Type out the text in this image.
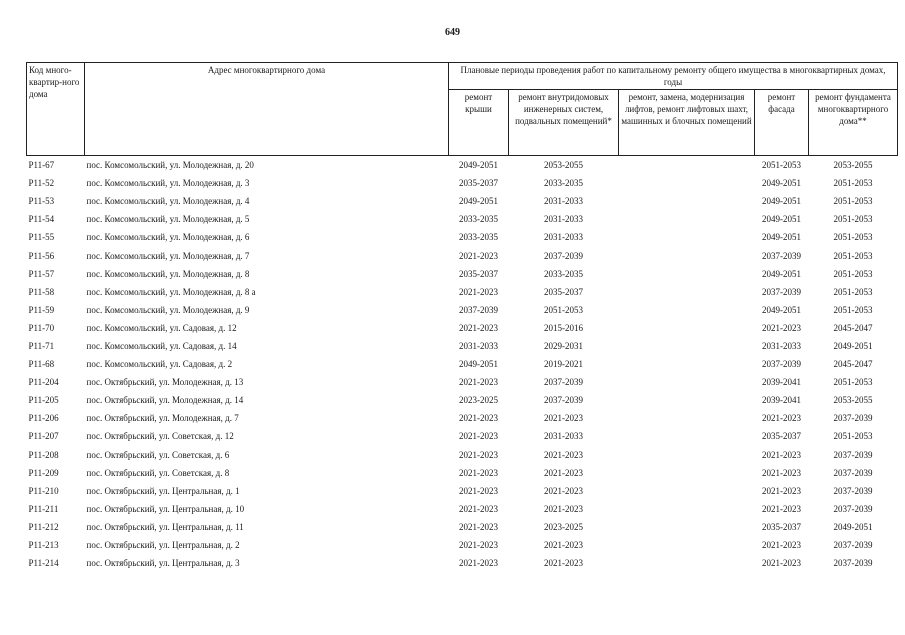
649
Код много-квартир-ного дома	Адрес многоквартирного дома	Плановые периоды проведения работ по капитальному ремонту общего имущества в многоквартирных домах, годы				
		ремонт крыши	ремонт внутридомовых инженерных систем, подвальных помещений*	ремонт, замена, модернизация лифтов, ремонт лифтовых шахт, машинных и блочных помещений	ремонт фасада	ремонт фундамента многоквартирного дома**
Р11-67	пос. Комсомольский, ул. Молодежная, д. 20	2049-2051	2053-2055		2051-2053	2053-2055
Р11-52	пос. Комсомольский, ул. Молодежная, д. 3	2035-2037	2033-2035		2049-2051	2051-2053
Р11-53	пос. Комсомольский, ул. Молодежная, д. 4	2049-2051	2031-2033		2049-2051	2051-2053
Р11-54	пос. Комсомольский, ул. Молодежная, д. 5	2033-2035	2031-2033		2049-2051	2051-2053
Р11-55	пос. Комсомольский, ул. Молодежная, д. 6	2033-2035	2031-2033		2049-2051	2051-2053
Р11-56	пос. Комсомольский, ул. Молодежная, д. 7	2021-2023	2037-2039		2037-2039	2051-2053
Р11-57	пос. Комсомольский, ул. Молодежная, д. 8	2035-2037	2033-2035		2049-2051	2051-2053
Р11-58	пос. Комсомольский, ул. Молодежная, д. 8 а	2021-2023	2035-2037		2037-2039	2051-2053
Р11-59	пос. Комсомольский, ул. Молодежная, д. 9	2037-2039	2051-2053		2049-2051	2051-2053
Р11-70	пос. Комсомольский, ул. Садовая, д. 12	2021-2023	2015-2016		2021-2023	2045-2047
Р11-71	пос. Комсомольский, ул. Садовая, д. 14	2031-2033	2029-2031		2031-2033	2049-2051
Р11-68	пос. Комсомольский, ул. Садовая, д. 2	2049-2051	2019-2021		2037-2039	2045-2047
Р11-204	пос. Октябрьский, ул. Молодежная, д. 13	2021-2023	2037-2039		2039-2041	2051-2053
Р11-205	пос. Октябрьский, ул. Молодежная, д. 14	2023-2025	2037-2039		2039-2041	2053-2055
Р11-206	пос. Октябрьский, ул. Молодежная, д. 7	2021-2023	2021-2023		2021-2023	2037-2039
Р11-207	пос. Октябрьский, ул. Советская, д. 12	2021-2023	2031-2033		2035-2037	2051-2053
Р11-208	пос. Октябрьский, ул. Советская, д. 6	2021-2023	2021-2023		2021-2023	2037-2039
Р11-209	пос. Октябрьский, ул. Советская, д. 8	2021-2023	2021-2023		2021-2023	2037-2039
Р11-210	пос. Октябрьский, ул. Центральная, д. 1	2021-2023	2021-2023		2021-2023	2037-2039
Р11-211	пос. Октябрьский, ул. Центральная, д. 10	2021-2023	2021-2023		2021-2023	2037-2039
Р11-212	пос. Октябрьский, ул. Центральная, д. 11	2021-2023	2023-2025		2035-2037	2049-2051
Р11-213	пос. Октябрьский, ул. Центральная, д. 2	2021-2023	2021-2023		2021-2023	2037-2039
Р11-214	пос. Октябрьский, ул. Центральная, д. 3	2021-2023	2021-2023		2021-2023	2037-2039
